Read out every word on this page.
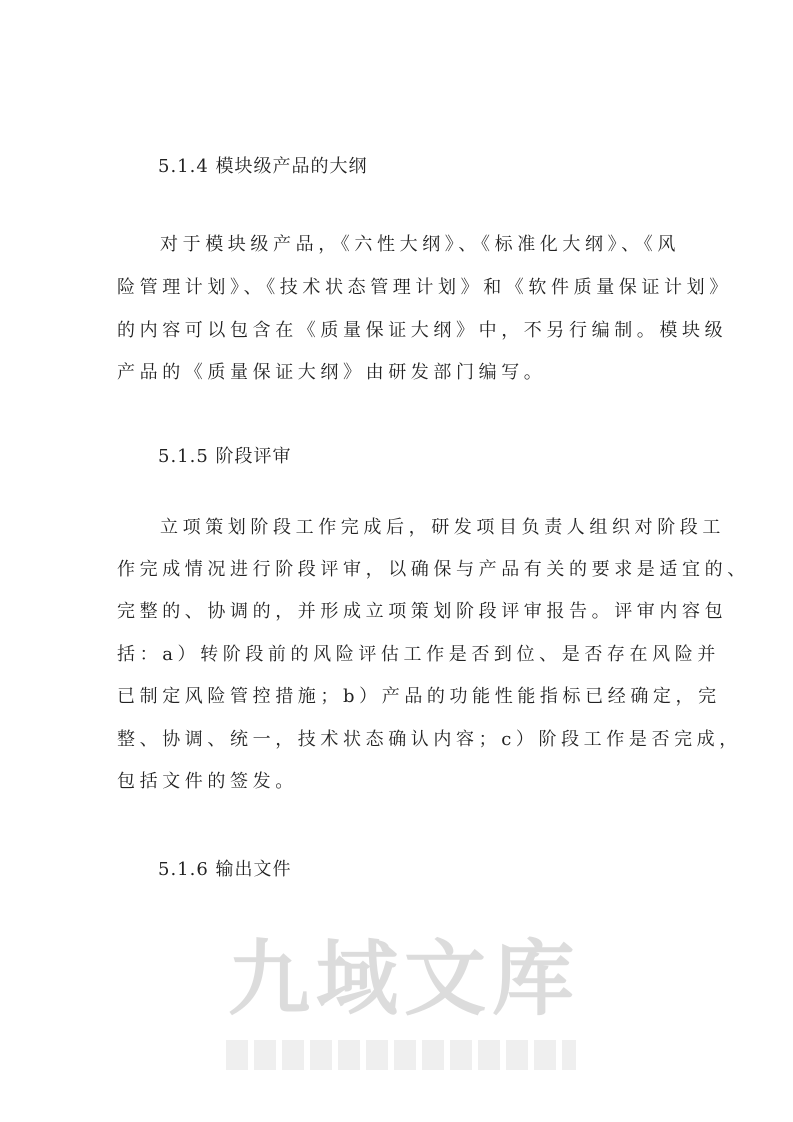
九域文库
5.1.4 模块级产品的大纲
对于模块级产品，《六性大纲》、《标准化大纲》、《风
险管理计划》、《技术状态管理计划》和《软件质量保证计划》
的内容可以包含在《质量保证大纲》中，不另行编制。模块级
产品的《质量保证大纲》由研发部门编写。
5.1.5 阶段评审
立项策划阶段工作完成后，研发项目负责人组织对阶段工
作完成情况进行阶段评审，以确保与产品有关的要求是适宜的、
完整的、协调的，并形成立项策划阶段评审报告。评审内容包
括：a）转阶段前的风险评估工作是否到位、是否存在风险并
已制定风险管控措施；b）产品的功能性能指标已经确定，完
整、协调、统一，技术状态确认内容；c）阶段工作是否完成，
包括文件的签发。
5.1.6 输出文件
